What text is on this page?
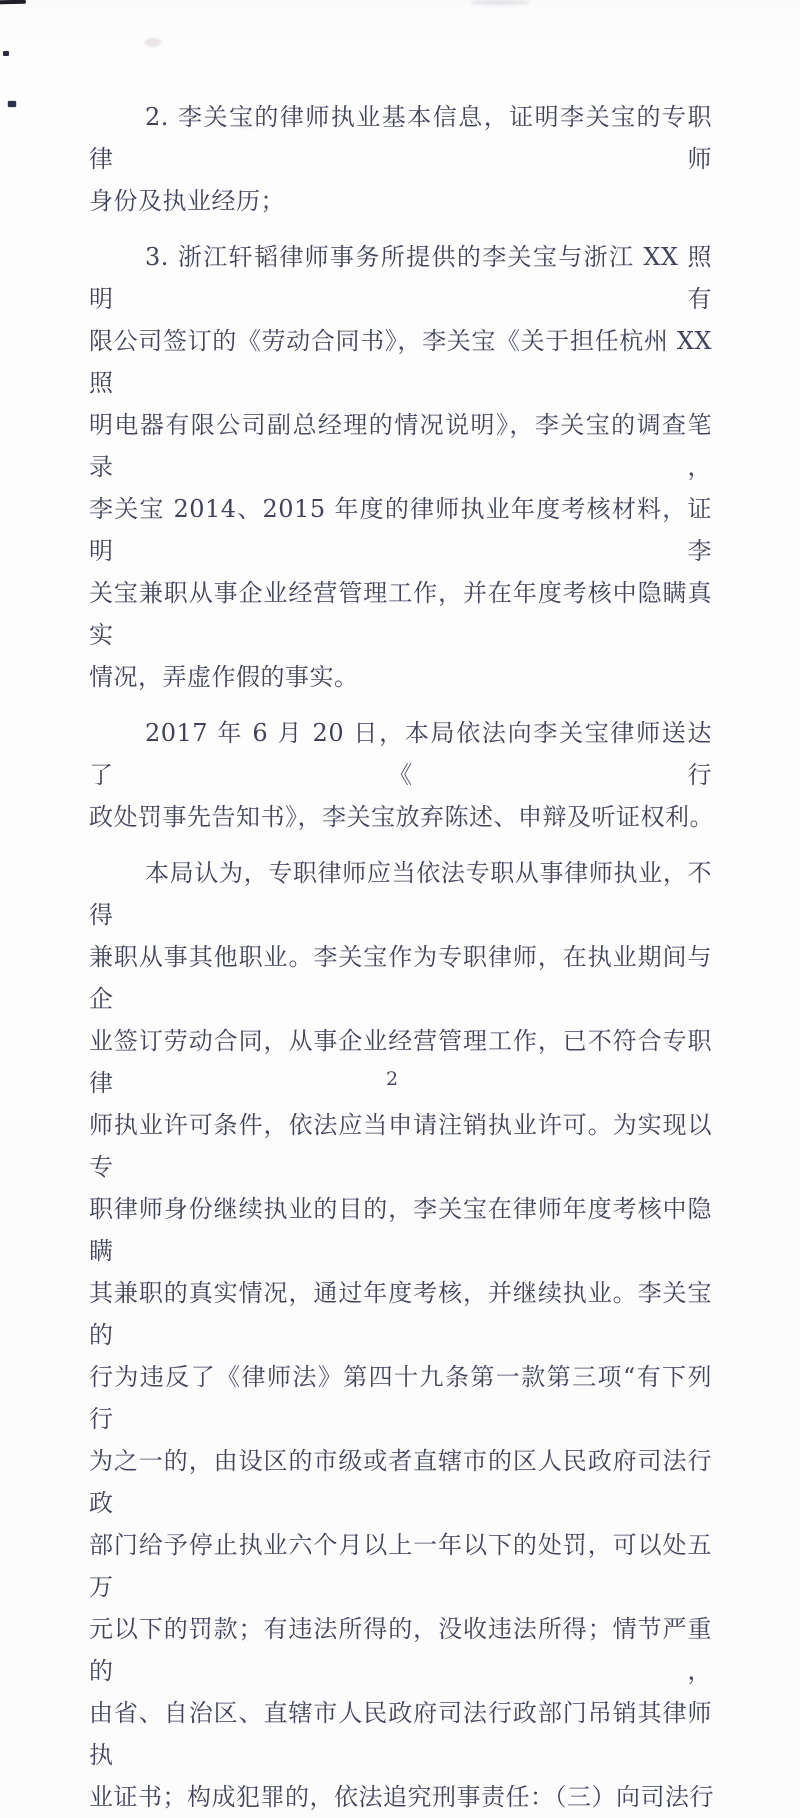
2. 李关宝的律师执业基本信息，证明李关宝的专职律师
身份及执业经历；
3. 浙江轩韬律师事务所提供的李关宝与浙江 XX 照明有
限公司签订的《劳动合同书》，李关宝《关于担任杭州 XX 照
明电器有限公司副总经理的情况说明》，李关宝的调查笔录，
李关宝 2014、2015 年度的律师执业年度考核材料，证明李
关宝兼职从事企业经营管理工作，并在年度考核中隐瞒真实
情况，弄虚作假的事实。
2017 年 6 月 20 日，本局依法向李关宝律师送达了《行
政处罚事先告知书》，李关宝放弃陈述、申辩及听证权利。
本局认为，专职律师应当依法专职从事律师执业，不得
兼职从事其他职业。李关宝作为专职律师，在执业期间与企
业签订劳动合同，从事企业经营管理工作，已不符合专职律
师执业许可条件，依法应当申请注销执业许可。为实现以专
职律师身份继续执业的目的，李关宝在律师年度考核中隐瞒
其兼职的真实情况，通过年度考核，并继续执业。李关宝的
行为违反了《律师法》第四十九条第一款第三项“有下列行
为之一的，由设区的市级或者直辖市的区人民政府司法行政
部门给予停止执业六个月以上一年以下的处罚，可以处五万
元以下的罚款；有违法所得的，没收违法所得；情节严重的，
由省、自治区、直辖市人民政府司法行政部门吊销其律师执
业证书；构成犯罪的，依法追究刑事责任：（三）向司法行
2
